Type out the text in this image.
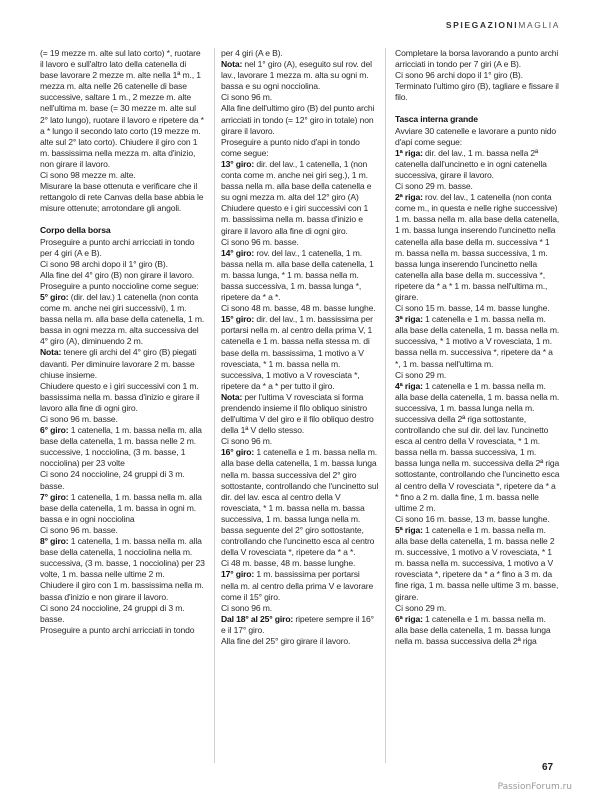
SPIEGAZIONIMAGLIA

(= 19 mezze m. alte sul lato corto) *, ruotare il lavoro e sull'altro lato della catenella di base lavorare 2 mezze m. alte nella 1ª m., 1 mezza m. alta nelle 26 catenelle di base successive, saltare 1 m., 2 mezze m. alte nell'ultima m. base (= 30 mezze m. alte sul 2° lato lungo), ruotare il lavoro e ripetere da * a * lungo il secondo lato corto (19 mezze m. alte sul 2° lato corto). Chiudere il giro con 1 m. bassissima nella mezza m. alta d'inizio, non girare il lavoro.

Ci sono 98 mezze m. alte.

Misurare la base ottenuta e verificare che il rettangolo di rete Canvas della base abbia le misure ottenute; arrotondare gli angoli.

Corpo della borsa

Proseguire a punto archi arricciati in tondo per 4 giri (A e B).

Ci sono 98 archi dopo il 1° giro (B).

Alla fine del 4° giro (B) non girare il lavoro.

Proseguire a punto noccioline come segue:

5° giro: (dir. del lav.) 1 catenella (non conta come m. anche nei giri successivi), 1 m. bassa nella m. alla base della catenella, 1 m. bassa in ogni mezza m. alta successiva del 4° giro (A), diminuendo 2 m.

Nota: tenere gli archi del 4° giro (B) piegati davanti. Per diminuire lavorare 2 m. basse chiuse insieme.

Chiudere questo e i giri successivi con 1 m. bassissima nella m. bassa d'inizio e girare il lavoro alla fine di ogni giro.

Ci sono 96 m. basse.

6° giro: 1 catenella, 1 m. bassa nella m. alla base della catenella, 1 m. bassa nelle 2 m. successive, 1 nocciolina, (3 m. basse, 1 nocciolina) per 23 volte

Ci sono 24 noccioline, 24 gruppi di 3 m. basse.

7° giro: 1 catenella, 1 m. bassa nella m. alla base della catenella, 1 m. bassa in ogni m. bassa e in ogni nocciolina

Ci sono 96 m. basse.

8° giro: 1 catenella, 1 m. bassa nella m. alla base della catenella, 1 nocciolina nella m. successiva, (3 m. basse, 1 nocciolina) per 23 volte, 1 m. bassa nelle ultime 2 m.

Chiudere il giro con 1 m. bassissima nella m. bassa d'inizio e non girare il lavoro.

Ci sono 24 noccioline, 24 gruppi di 3 m. basse.

Proseguire a punto archi arricciati in tondo

per 4 giri (A e B).

Nota: nel 1° giro (A), eseguito sul rov. del lav., lavorare 1 mezza m. alta su ogni m. bassa e su ogni nocciolina.

Ci sono 96 m.

Alla fine dell'ultimo giro (B) del punto archi arricciati in tondo (= 12° giro in totale) non girare il lavoro.

Proseguire a punto nido d'api in tondo come segue:

13° giro: dir. del lav., 1 catenella, 1 (non conta come m. anche nei giri seg.), 1 m. bassa nella m. alla base della catenella e su ogni mezza m. alta del 12° giro (A)

Chiudere questo e i giri successivi con 1 m. bassissima nella m. bassa d'inizio e girare il lavoro alla fine di ogni giro.

Ci sono 96 m. basse.

14° giro: rov. del lav., 1 catenella, 1 m. bassa nella m. alla base della catenella, 1 m. bassa lunga, * 1 m. bassa nella m. bassa successiva, 1 m. bassa lunga *, ripetere da * a *.

Ci sono 48 m. basse, 48 m. basse lunghe.

15° giro: dir. del lav., 1 m. bassissima per portarsi nella m. al centro della prima V, 1 catenella e 1 m. bassa nella stessa m. di base della m. bassissima, 1 motivo a V rovesciata, * 1 m. bassa nella m. successiva, 1 motivo a V rovesciata *, ripetere da * a * per tutto il giro.

Nota: per l'ultima V rovesciata si forma prendendo insieme il filo obliquo sinistro dell'ultima V del giro e il filo obliquo destro della 1ª V dello stesso.

Ci sono 96 m.

16° giro: 1 catenella e 1 m. bassa nella m. alla base della catenella, 1 m. bassa lunga nella m. bassa successiva del 2° giro sottostante, controllando che l'uncinetto sul dir. del lav. esca al centro della V rovesciata, * 1 m. bassa nella m. bassa successiva, 1 m. bassa lunga nella m. bassa seguente del 2° giro sottostante, controllando che l'uncinetto esca al centro della V rovesciata *, ripetere da * a *.

Ci 48 m. basse, 48 m. basse lunghe.

17° giro: 1 m. bassissima per portarsi nella m. al centro della prima V e lavorare come il 15° giro.

Ci sono 96 m.

Dal 18° al 25° giro: ripetere sempre il 16° e il 17° giro.

Alla fine del 25° giro girare il lavoro.

Completare la borsa lavorando a punto archi arricciati in tondo per 7 giri (A e B).

Ci sono 96 archi dopo il 1° giro (B).

Terminato l'ultimo giro (B), tagliare e fissare il filo.

Tasca interna grande

Avviare 30 catenelle e lavorare a punto nido d'api come segue:

1ª riga: dir. del lav., 1 m. bassa nella 2ª catenella dall'uncinetto e in ogni catenella successiva, girare il lavoro.

Ci sono 29 m. basse.

2ª riga: rov. del lav., 1 catenella (non conta come m., in questa e nelle righe successive) 1 m. bassa nella m. alla base della catenella, 1 m. bassa lunga inserendo l'uncinetto nella catenella alla base della m. successiva * 1 m. bassa nella m. bassa successiva, 1 m. bassa lunga inserendo l'uncinetto nella catenella alla base della m. successiva *, ripetere da * a * 1 m. bassa nell'ultima m., girare.

Ci sono 15 m. basse, 14 m. basse lunghe.

3ª riga: 1 catenella e 1 m. bassa nella m. alla base della catenella, 1 m. bassa nella m. successiva, * 1 motivo a V rovesciata, 1 m. bassa nella m. successiva *, ripetere da * a *, 1 m. bassa nell'ultima m.

Ci sono 29 m.

4ª riga: 1 catenella e 1 m. bassa nella m. alla base della catenella, 1 m. bassa nella m. successiva, 1 m. bassa lunga nella m. successiva della 2ª riga sottostante, controllando che sul dir. del lav. l'uncinetto esca al centro della V rovesciata, * 1 m. bassa nella m. bassa successiva, 1 m. bassa lunga nella m. successiva della 2ª riga sottostante, controllando che l'uncinetto esca al centro della V rovesciata *, ripetere da * a * fino a 2 m. dalla fine, 1 m. bassa nelle ultime 2 m.

Ci sono 16 m. basse, 13 m. basse lunghe.

5ª riga: 1 catenella e 1 m. bassa nella m. alla base della catenella, 1 m. bassa nelle 2 m. successive, 1 motivo a V rovesciata, * 1 m. bassa nella m. successiva, 1 motivo a V rovesciata *, ripetere da * a * fino a 3 m. da fine riga, 1 m. bassa nelle ultime 3 m. basse, girare.

Ci sono 29 m.

6ª riga: 1 catenella e 1 m. bassa nella m. alla base della catenella, 1 m. bassa lunga nella m. bassa successiva della 2ª riga

67
PassionForum.ru
